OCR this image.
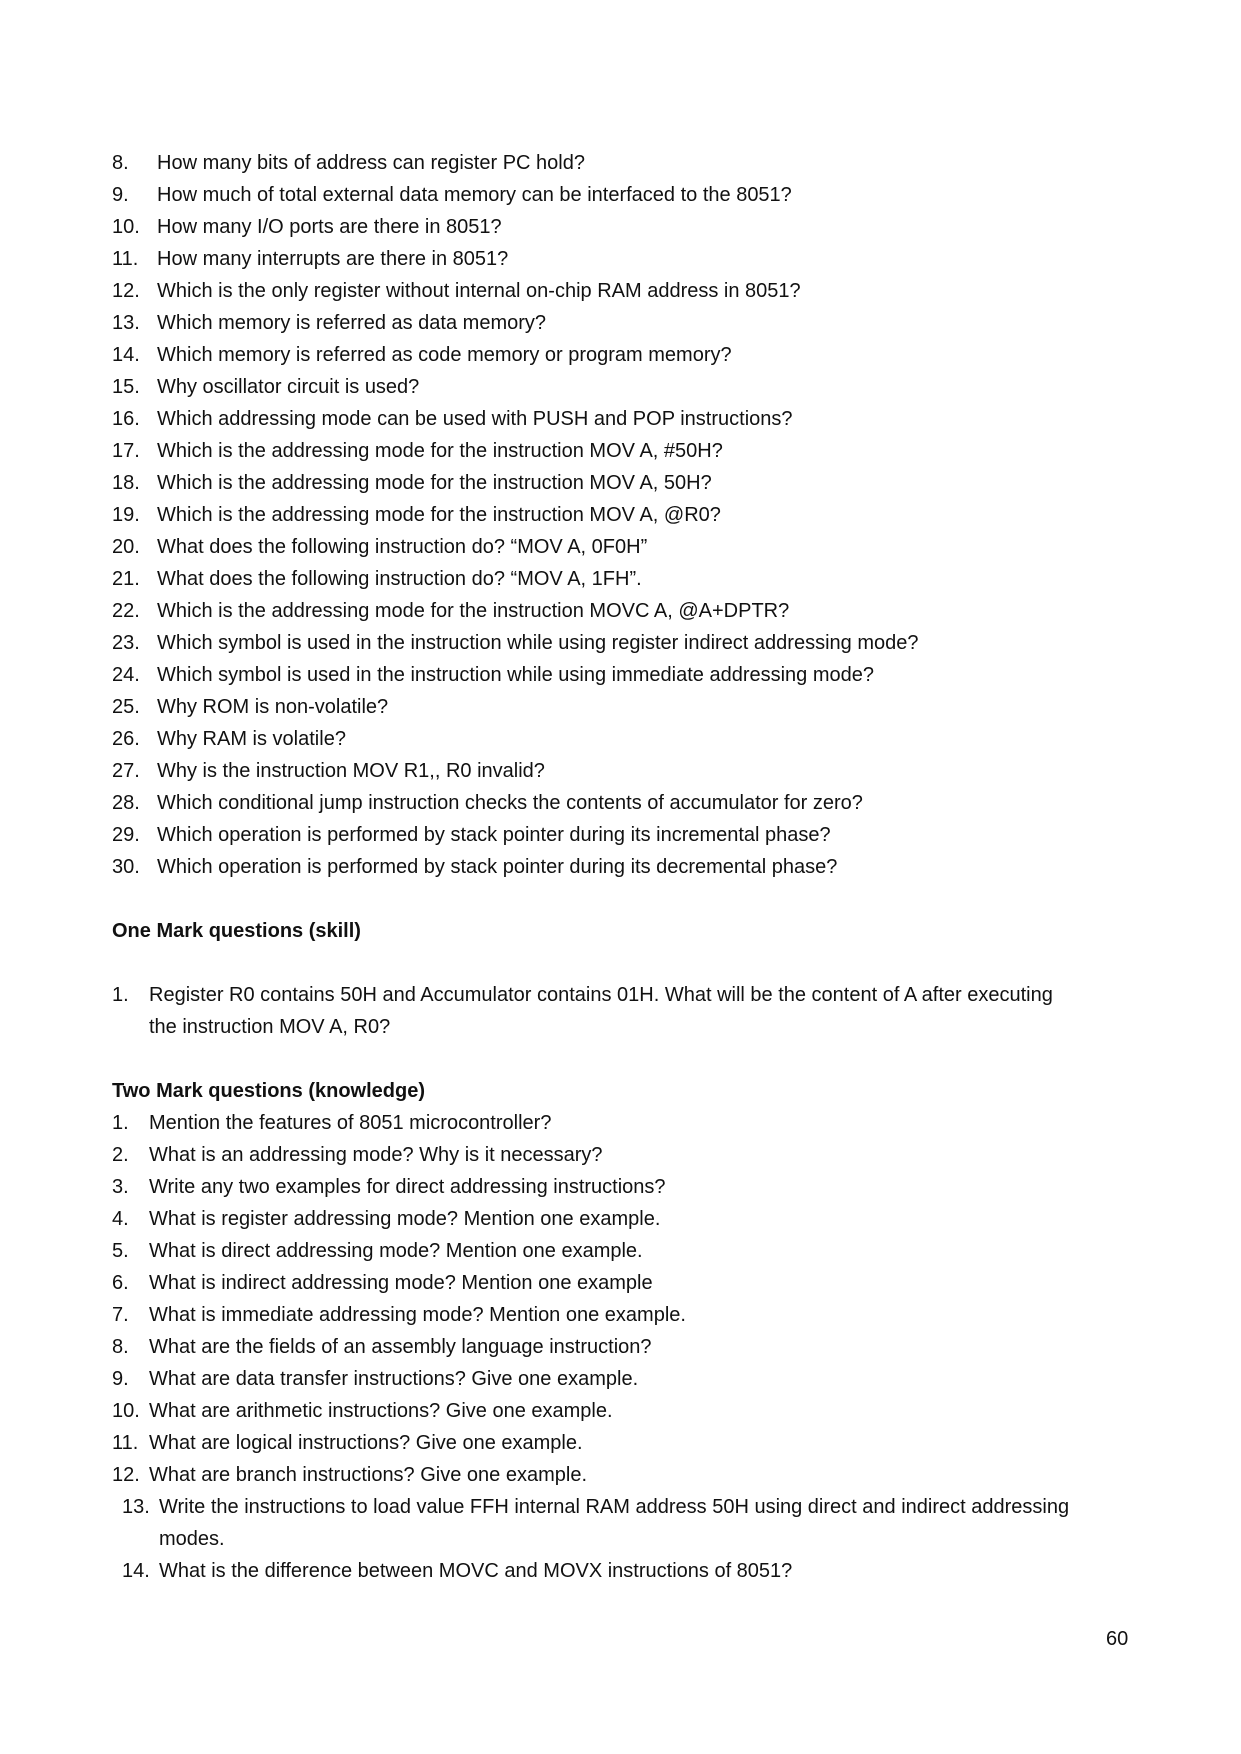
8. How many bits of address can register PC hold?
9. How much of total external data memory can be interfaced to the 8051?
10. How many I/O ports are there in 8051?
11. How many interrupts are there in 8051?
12. Which is the only register without internal on-chip RAM address in 8051?
13. Which memory is referred as data memory?
14. Which memory is referred as code memory or program memory?
15. Why oscillator circuit is used?
16. Which addressing mode can be used with PUSH and POP instructions?
17. Which is the addressing mode for the instruction MOV A, #50H?
18. Which is the addressing mode for the instruction MOV A, 50H?
19. Which is the addressing mode for the instruction MOV A, @R0?
20. What does the following instruction do? “MOV A, 0F0H”
21. What does the following instruction do? “MOV A, 1FH”.
22. Which is the addressing mode for the instruction MOVC A, @A+DPTR?
23. Which symbol is used in the instruction while using register indirect addressing mode?
24. Which symbol is used in the instruction while using immediate addressing mode?
25. Why ROM is non-volatile?
26. Why RAM is volatile?
27. Why is the instruction MOV R1,, R0 invalid?
28. Which conditional jump instruction checks the contents of accumulator for zero?
29. Which operation is performed by stack pointer during its incremental phase?
30. Which operation is performed by stack pointer during its decremental phase?
One Mark questions (skill)
1. Register R0 contains 50H and Accumulator contains 01H. What will be the content of A after executing
the instruction MOV A, R0?
Two Mark questions (knowledge)
1. Mention the features of 8051 microcontroller?
2. What is an addressing mode? Why is it necessary?
3. Write any two examples for direct addressing instructions?
4. What is register addressing mode? Mention one example.
5. What is direct addressing mode? Mention one example.
6. What is indirect addressing mode? Mention one example
7. What is immediate addressing mode? Mention one example.
8. What are the fields of an assembly language instruction?
9. What are data transfer instructions? Give one example.
10. What are arithmetic instructions? Give one example.
11. What are logical instructions? Give one example.
12. What are branch instructions? Give one example.
13. Write the instructions to load value FFH internal RAM address 50H using direct and indirect addressing
modes.
14. What is the difference between MOVC and MOVX instructions of 8051?
60
